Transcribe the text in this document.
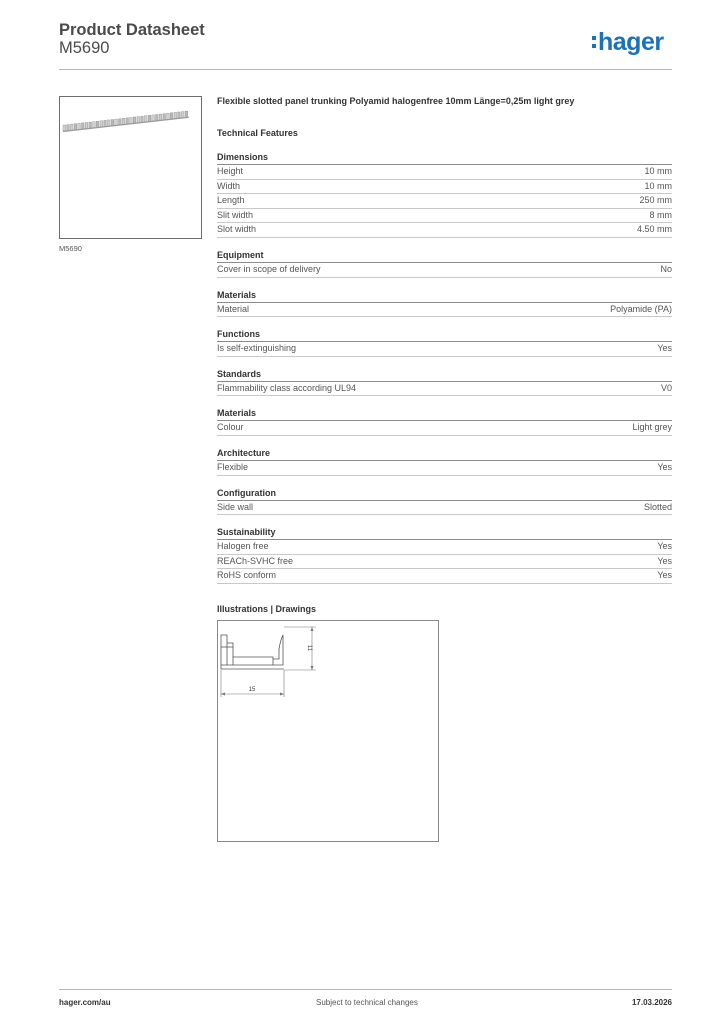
Product Datasheet
M5690	hager
M5690
Flexible slotted panel trunking Polyamid halogenfree 10mm Länge=0,25m light grey
Technical Features
Dimensions
Height	10 mm
Width	10 mm
Length	250 mm
Slit width	8 mm
Slot width	4.50 mm
Equipment
Cover in scope of delivery	No
Materials
Material	Polyamide (PA)
Functions
Is self-extinguishing	Yes
Standards
Flammability class according UL94	V0
Materials
Colour	Light grey
Architecture
Flexible	Yes
Configuration
Side wall	Slotted
Sustainability
Halogen free	Yes
REACh-SVHC free	Yes
RoHS conform	Yes
Illustrations | Drawings
15
11
hager.com/au	Subject to technical changes	17.03.2026
